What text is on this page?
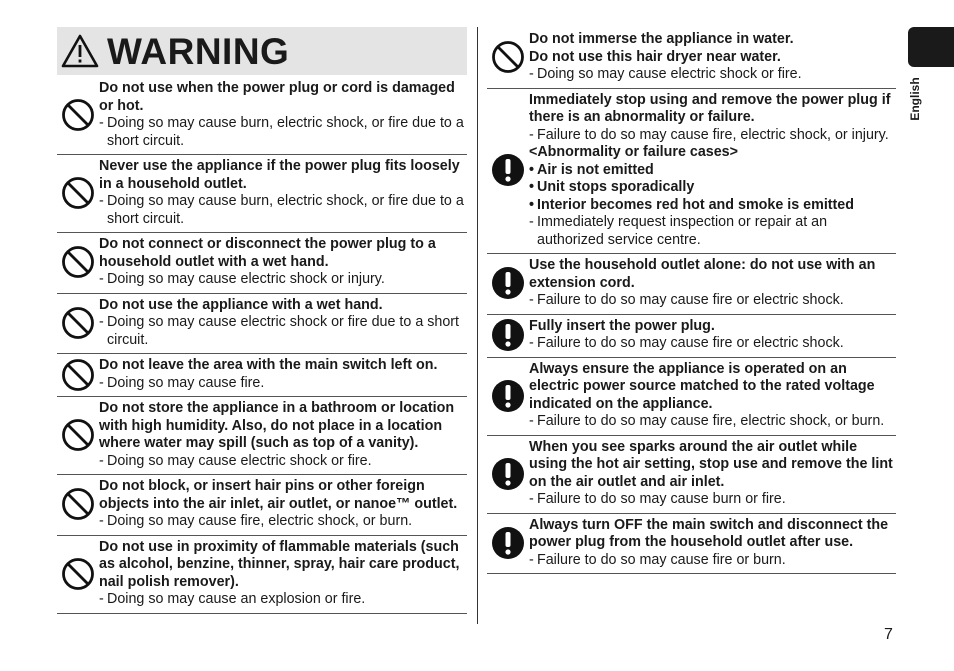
WARNING
Do not use when the power plug or cord is damaged or hot.
- Doing so may cause burn, electric shock, or fire due to a short circuit.
Never use the appliance if the power plug fits loosely in a household outlet.
- Doing so may cause burn, electric shock, or fire due to a short circuit.
Do not connect or disconnect the power plug to a household outlet with a wet hand.
- Doing so may cause electric shock or injury.
Do not use the appliance with a wet hand.
- Doing so may cause electric shock or fire due to a short circuit.
Do not leave the area with the main switch left on.
- Doing so may cause fire.
Do not store the appliance in a bathroom or location with high humidity. Also, do not place in a location where water may spill (such as top of a vanity).
- Doing so may cause electric shock or fire.
Do not block, or insert hair pins or other foreign objects into the air inlet, air outlet, or nanoe™ outlet.
- Doing so may cause fire, electric shock, or burn.
Do not use in proximity of flammable materials (such as alcohol, benzine, thinner, spray, hair care product, nail polish remover).
- Doing so may cause an explosion or fire.
Do not immerse the appliance in water.
Do not use this hair dryer near water.
- Doing so may cause electric shock or fire.
Immediately stop using and remove the power plug if there is an abnormality or failure.
- Failure to do so may cause fire, electric shock, or injury.
<Abnormality or failure cases>
• Air is not emitted
• Unit stops sporadically
• Interior becomes red hot and smoke is emitted
- Immediately request inspection or repair at an authorized service centre.
Use the household outlet alone: do not use with an extension cord.
- Failure to do so may cause fire or electric shock.
Fully insert the power plug.
- Failure to do so may cause fire or electric shock.
Always ensure the appliance is operated on an electric power source matched to the rated voltage indicated on the appliance.
- Failure to do so may cause fire, electric shock, or burn.
When you see sparks around the air outlet while using the hot air setting, stop use and remove the lint on the air outlet and air inlet.
- Failure to do so may cause burn or fire.
Always turn OFF the main switch and disconnect the power plug from the household outlet after use.
- Failure to do so may cause fire or burn.
English
7
